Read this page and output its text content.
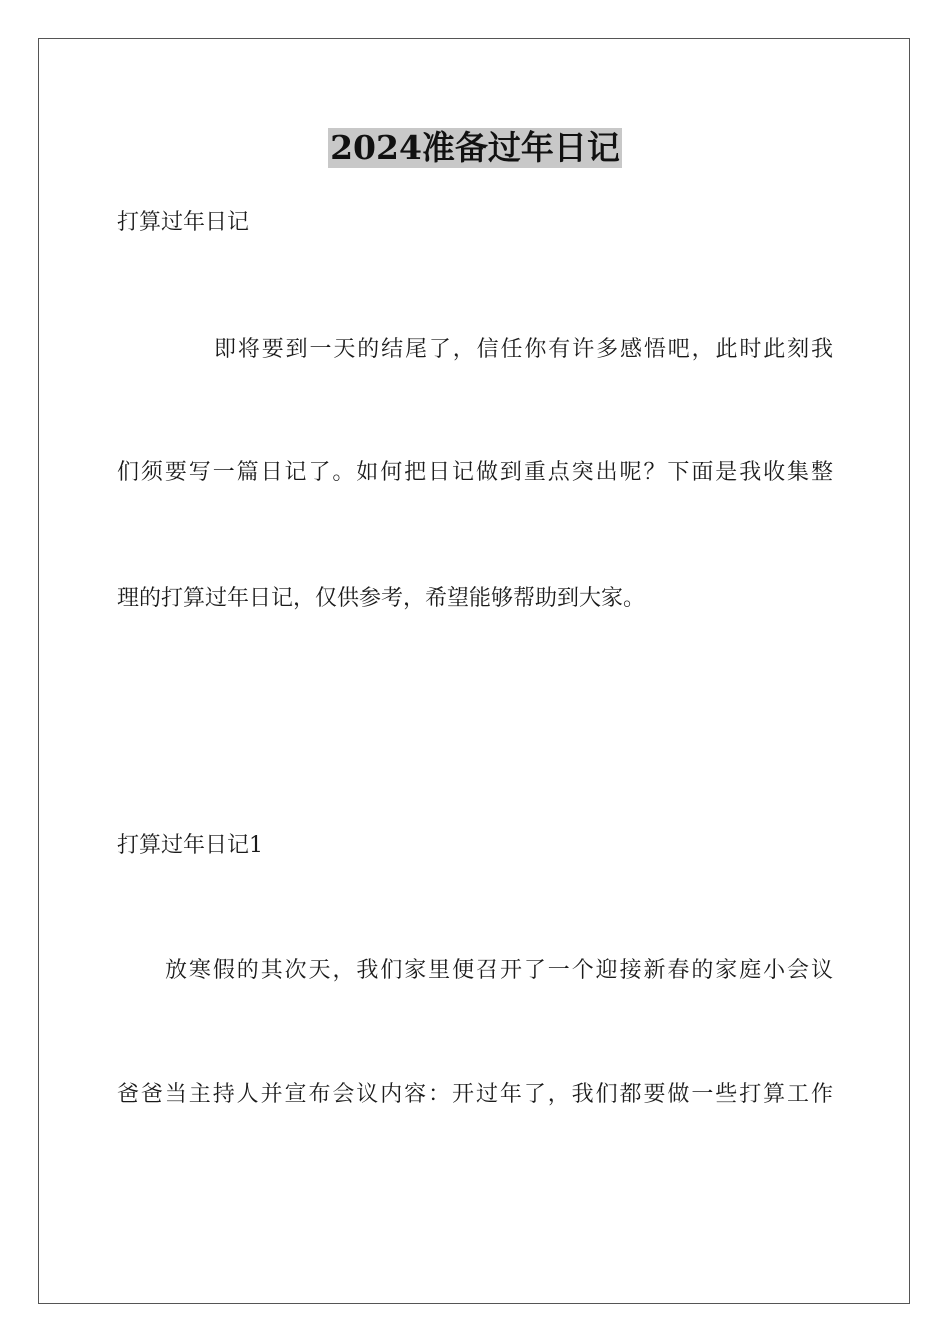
2024准备过年日记
打算过年日记
即将要到一天的结尾了，信任你有许多感悟吧，此时此刻我
们须要写一篇日记了。如何把日记做到重点突出呢？下面是我收集整
理的打算过年日记，仅供参考，希望能够帮助到大家。
打算过年日记1
放寒假的其次天，我们家里便召开了一个迎接新春的家庭小会议
爸爸当主持人并宣布会议内容：开过年了，我们都要做一些打算工作
